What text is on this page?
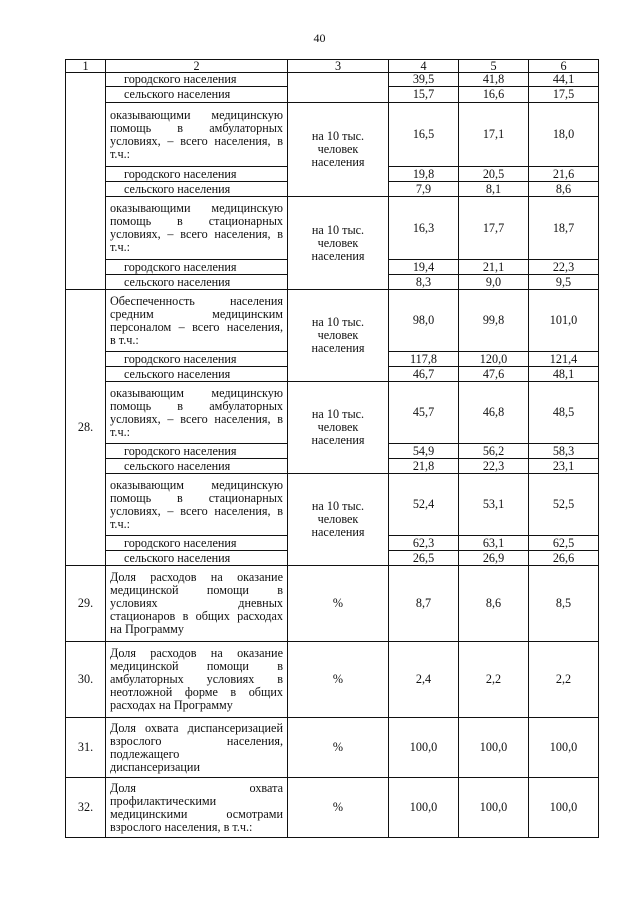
40
1	2	3	4	5	6
	городского населения		39,5	41,8	44,1
	сельского населения		15,7	16,6	17,5

	оказывающими медицинскую
помощь в амбулаторных
условиях, – всего населения, в
т.ч.:	на 10 тыс. человек населения	16,5	17,1	18,0
	городского населения		19,8	20,5	21,6
	сельского населения		7,9	8,1	8,6

	оказывающими медицинскую
помощь в стационарных
условиях, – всего населения, в
т.ч.:	на 10 тыс. человек населения	16,3	17,7	18,7
	городского населения		19,4	21,1	22,3
	сельского населения		8,3	9,0	9,5
28.	Обеспеченность населения
средним медицинским
персоналом – всего населения,
в т.ч.:	на 10 тыс. человек населения	98,0	99,8	101,0
	городского населения		117,8	120,0	121,4
	сельского населения		46,7	47,6	48,1

	оказывающим медицинскую
помощь в амбулаторных
условиях, – всего населения, в
т.ч.:	на 10 тыс. человек населения	45,7	46,8	48,5
	городского населения		54,9	56,2	58,3
	сельского населения		21,8	22,3	23,1

	оказывающим медицинскую
помощь в стационарных
условиях, – всего населения, в
т.ч.:	на 10 тыс. человек населения	52,4	53,1	52,5
	городского населения		62,3	63,1	62,5
	сельского населения		26,5	26,9	26,6
29.	Доля расходов на оказание
медицинской помощи в
условиях дневных
стационаров в общих расходах
на Программу	%	8,7	8,6	8,5
30.	Доля расходов на оказание
медицинской помощи в
амбулаторных условиях в
неотложной форме в общих
расходах на Программу	%	2,4	2,2	2,2
31.	Доля охвата диспансеризацией
взрослого населения,
подлежащего
диспансеризации	%	100,0	100,0	100,0
32.	Доля охвата
профилактическими
медицинскими осмотрами
взрослого населения, в т.ч.:	%	100,0	100,0	100,0
